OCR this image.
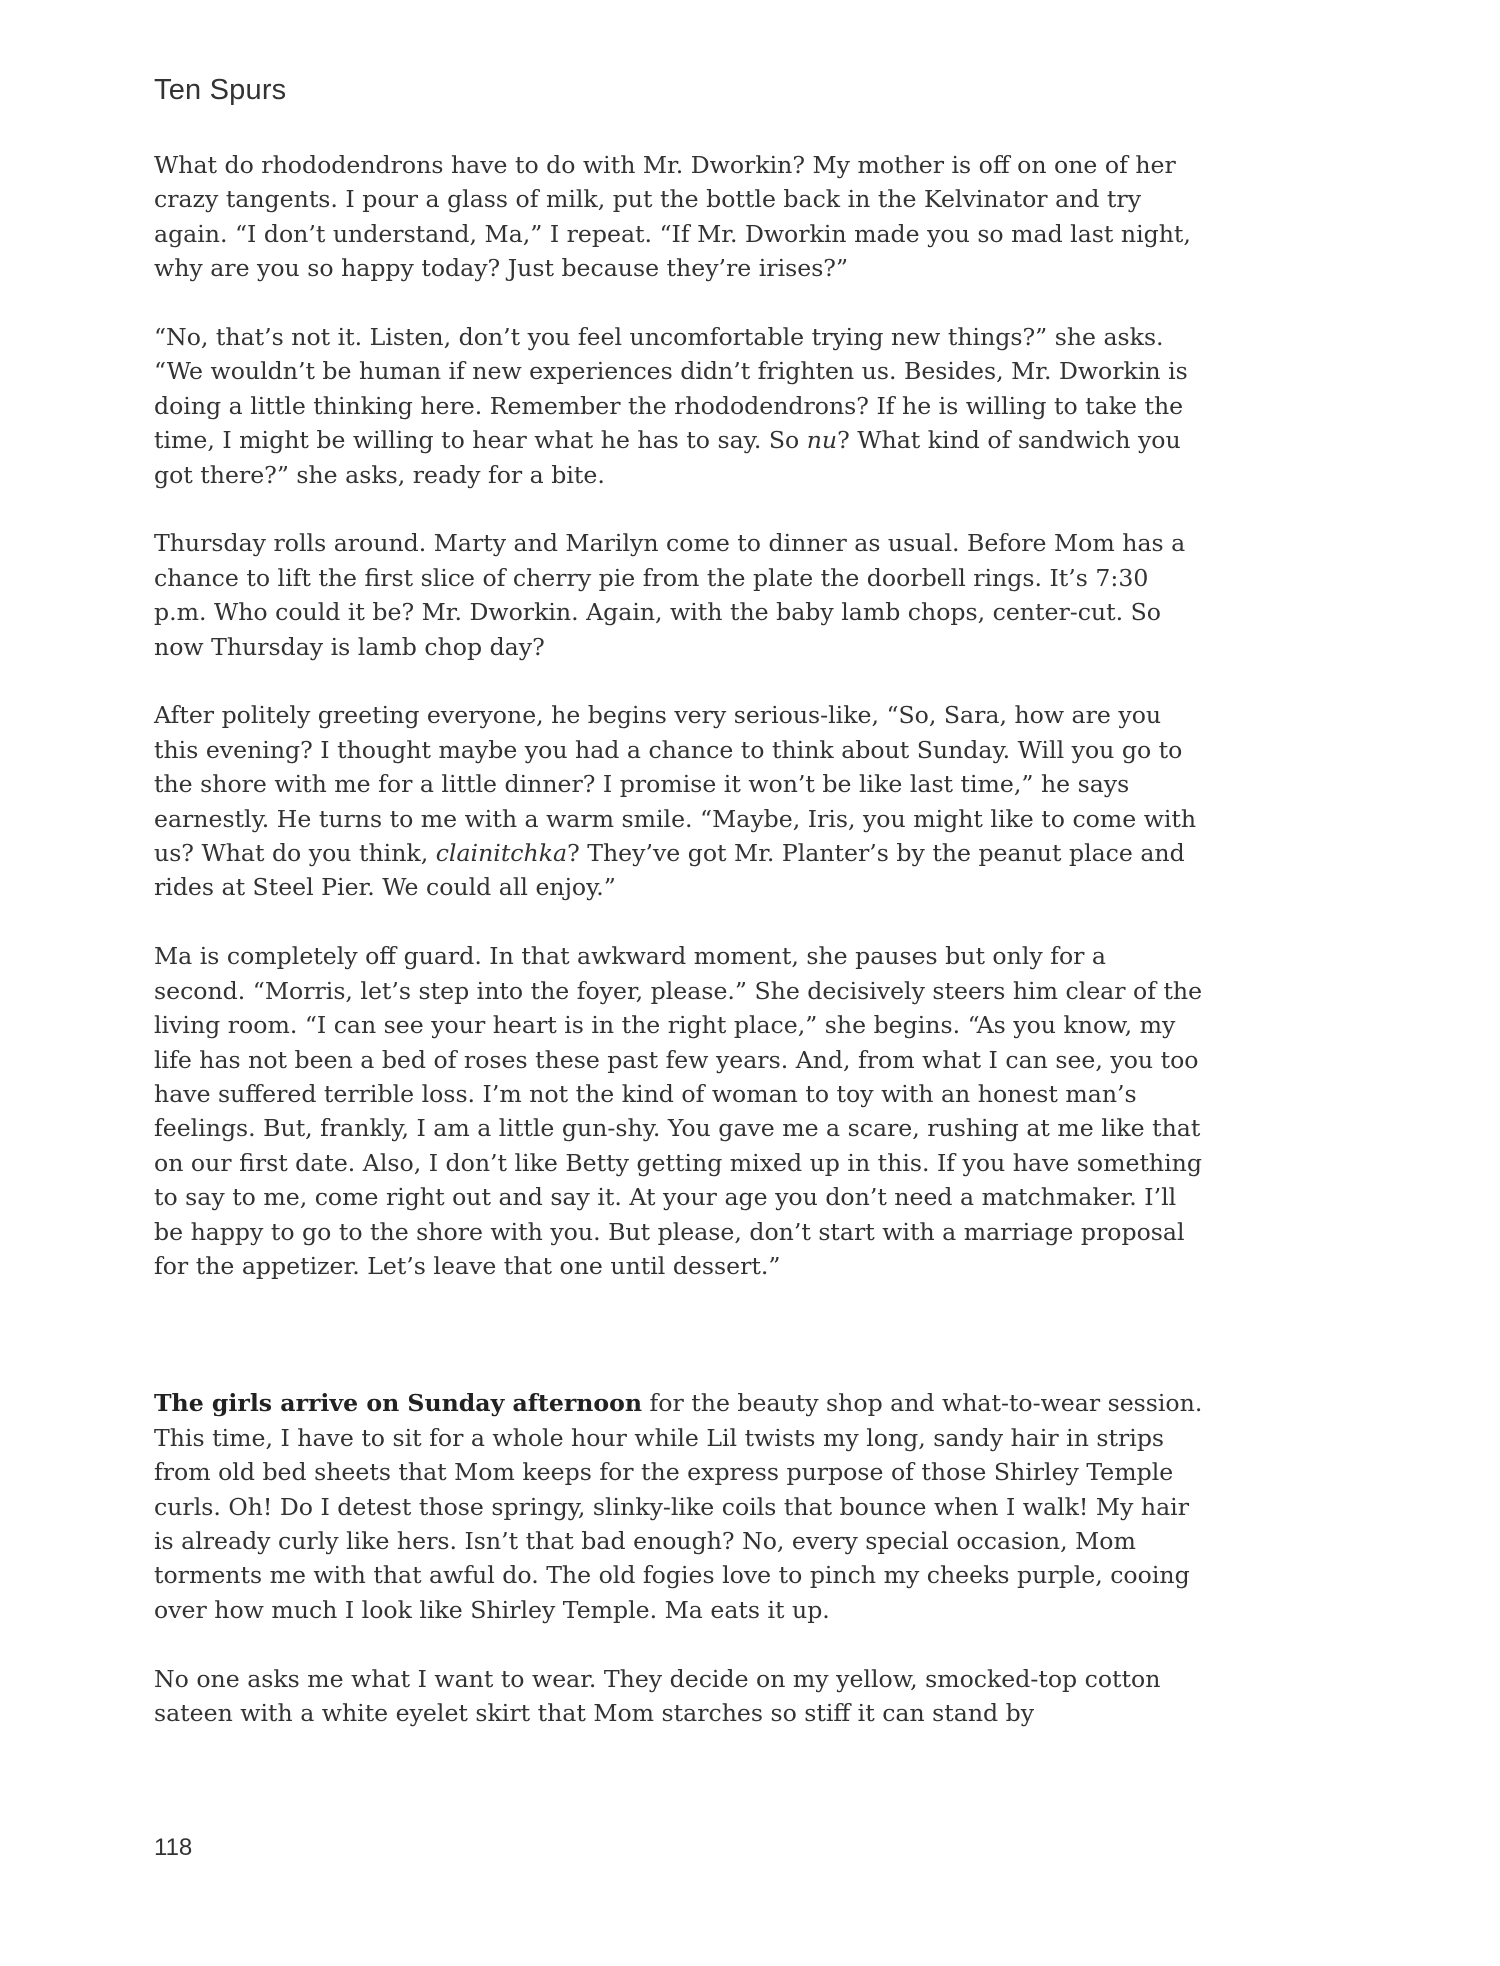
Ten Spurs

What do rhododendrons have to do with Mr. Dworkin? My mother is off on one of her crazy tangents. I pour a glass of milk, put the bottle back in the Kelvinator and try again. “I don’t understand, Ma,” I repeat. “If Mr. Dworkin made you so mad last night, why are you so happy today? Just because they’re irises?”

“No, that’s not it. Listen, don’t you feel uncomfortable trying new things?” she asks. “We wouldn’t be human if new experiences didn’t frighten us. Besides, Mr. Dworkin is doing a little thinking here. Remember the rhododendrons? If he is willing to take the time, I might be willing to hear what he has to say. So nu? What kind of sandwich you got there?” she asks, ready for a bite.

Thursday rolls around. Marty and Marilyn come to dinner as usual. Before Mom has a chance to lift the first slice of cherry pie from the plate the doorbell rings. It’s 7:30 p.m. Who could it be? Mr. Dworkin. Again, with the baby lamb chops, center-cut. So now Thursday is lamb chop day?

After politely greeting everyone, he begins very serious-like, “So, Sara, how are you this evening? I thought maybe you had a chance to think about Sunday. Will you go to the shore with me for a little dinner? I promise it won’t be like last time,” he says earnestly. He turns to me with a warm smile. “Maybe, Iris, you might like to come with us? What do you think, clainitchka? They’ve got Mr. Planter’s by the peanut place and rides at Steel Pier. We could all enjoy.”

Ma is completely off guard. In that awkward moment, she pauses but only for a second. “Morris, let’s step into the foyer, please.” She decisively steers him clear of the living room. “I can see your heart is in the right place,” she begins. “As you know, my life has not been a bed of roses these past few years. And, from what I can see, you too have suffered terrible loss. I’m not the kind of woman to toy with an honest man’s feelings. But, frankly, I am a little gun-shy. You gave me a scare, rushing at me like that on our first date. Also, I don’t like Betty getting mixed up in this. If you have something to say to me, come right out and say it. At your age you don’t need a matchmaker. I’ll be happy to go to the shore with you. But please, don’t start with a marriage proposal for the appetizer. Let’s leave that one until dessert.”

The girls arrive on Sunday afternoon for the beauty shop and what-to-wear session. This time, I have to sit for a whole hour while Lil twists my long, sandy hair in strips from old bed sheets that Mom keeps for the express purpose of those Shirley Temple curls. Oh! Do I detest those springy, slinky-like coils that bounce when I walk! My hair is already curly like hers. Isn’t that bad enough? No, every special occasion, Mom torments me with that awful do. The old fogies love to pinch my cheeks purple, cooing over how much I look like Shirley Temple. Ma eats it up.

No one asks me what I want to wear. They decide on my yellow, smocked-top cotton sateen with a white eyelet skirt that Mom starches so stiff it can stand by

118
